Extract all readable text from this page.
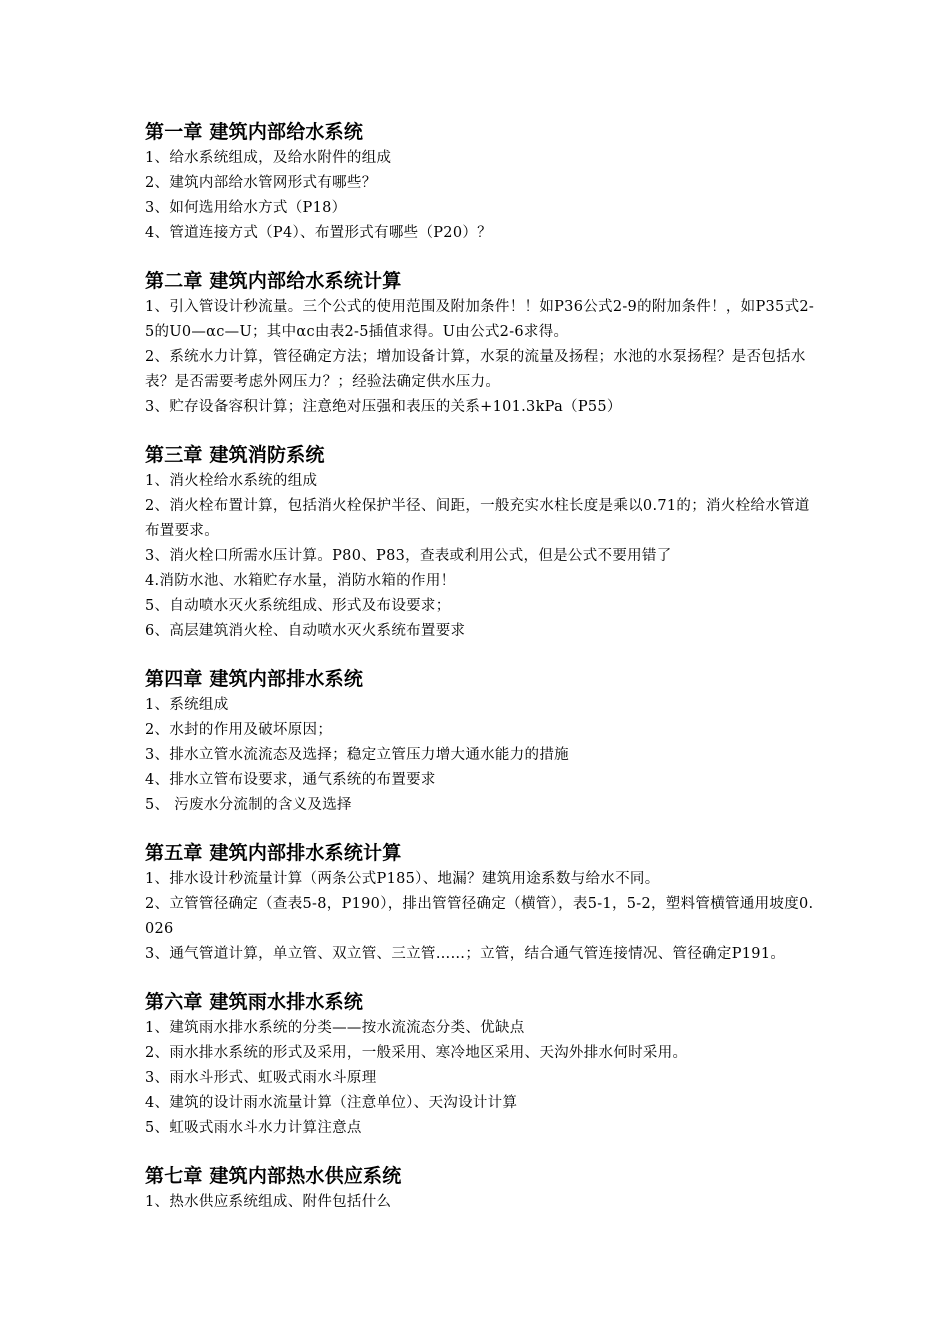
第一章 建筑内部给水系统

1、给水系统组成，及给水附件的组成

2、建筑内部给水管网形式有哪些？

3、如何选用给水方式（P18）

4、管道连接方式（P4）、布置形式有哪些（P20）？

第二章 建筑内部给水系统计算

1、引入管设计秒流量。三个公式的使用范围及附加条件！！如P36公式2-9的附加条件！，如P35式2-5的U0—αc—U；其中αc由表2-5插值求得。U由公式2-6求得。

2、系统水力计算，管径确定方法；增加设备计算，水泵的流量及扬程；水池的水泵扬程？是否包括水表？是否需要考虑外网压力？；经验法确定供水压力。

3、贮存设备容积计算；注意绝对压强和表压的关系+101.3kPa（P55）

第三章 建筑消防系统

1、消火栓给水系统的组成

2、消火栓布置计算，包括消火栓保护半径、间距，一般充实水柱长度是乘以0.71的；消火栓给水管道布置要求。

3、消火栓口所需水压计算。P80、P83，查表或利用公式，但是公式不要用错了

4.消防水池、水箱贮存水量，消防水箱的作用！

5、自动喷水灭火系统组成、形式及布设要求；

6、高层建筑消火栓、自动喷水灭火系统布置要求

第四章 建筑内部排水系统

1、系统组成

2、水封的作用及破坏原因；

3、排水立管水流流态及选择；稳定立管压力增大通水能力的措施

4、排水立管布设要求，通气系统的布置要求

5、 污废水分流制的含义及选择

第五章 建筑内部排水系统计算

1、排水设计秒流量计算（两条公式P185）、地漏？建筑用途系数与给水不同。

2、立管管径确定（查表5-8，P190），排出管管径确定（横管），表5-1，5-2，塑料管横管通用坡度0.026

3、通气管道计算，单立管、双立管、三立管……；立管，结合通气管连接情况、管径确定P191。

第六章 建筑雨水排水系统

1、建筑雨水排水系统的分类——按水流流态分类、优缺点

2、雨水排水系统的形式及采用，一般采用、寒冷地区采用、天沟外排水何时采用。

3、雨水斗形式、虹吸式雨水斗原理

4、建筑的设计雨水流量计算（注意单位）、天沟设计计算

5、虹吸式雨水斗水力计算注意点

第七章 建筑内部热水供应系统

1、热水供应系统组成、附件包括什么
